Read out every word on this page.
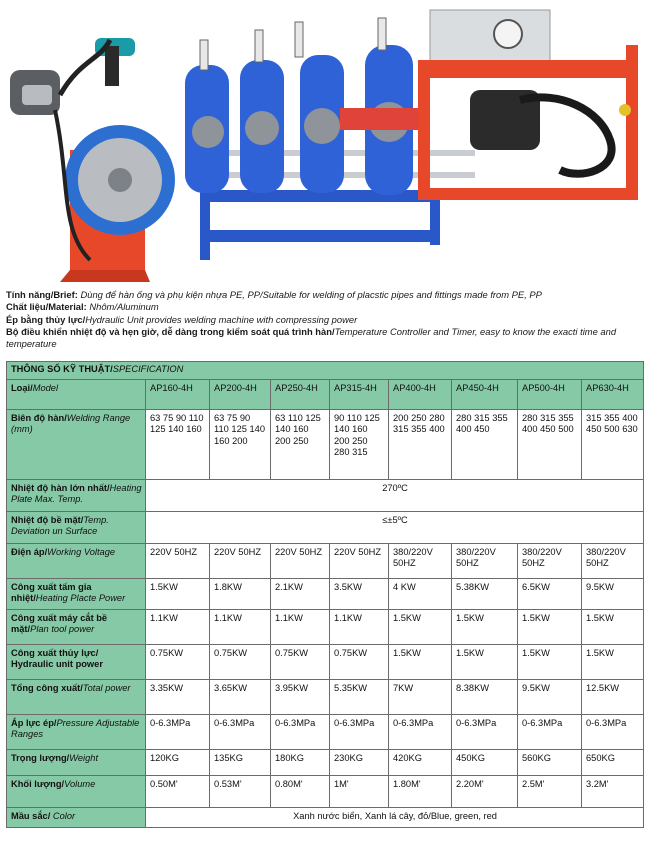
Tính năng/Brief: Dùng để hàn ống và phụ kiện nhựa PE, PP/Suitable for welding of placstic pipes and fittings made from PE, PP
Chất liệu/Material: Nhôm/Aluminum
Ép bằng thủy lực/Hydraulic Unit provides welding machine with compressing power
Bộ điều khiển nhiệt độ và hẹn giờ, dễ dàng trong kiểm soát quá trình hàn/Temperature Controller and Timer, easy to know the exacti time and temperature
THÔNG SỐ KỸ THUẬT/SPECIFICATION								
Loại/Model	AP160-4H	AP200-4H	AP250-4H	AP315-4H	AP400-4H	AP450-4H	AP500-4H	AP630-4H
Biên độ hàn/Welding Range (mm)	63 75 90 110 125 140 160	63 75 90 110 125 140 160 200	63 110 125 140 160 200 250	90 110 125 140 160 200 250 280 315	200 250 280 315 355 400	280 315 355 400 450	280 315 355 400 450 500	315 355 400 450 500 630
Nhiệt độ hàn lớn nhất/Heating Plate Max. Temp.	270ºC							
Nhiệt độ bề mặt/Temp. Deviation un Surface	≤±5ºC							
Điện áp/Working Voltage	220V 50HZ	220V 50HZ	220V 50HZ	220V 50HZ	380/220V 50HZ	380/220V 50HZ	380/220V 50HZ	380/220V 50HZ
Công xuất tấm gia nhiệt/Heating Placte Power	1.5KW	1.8KW	2.1KW	3.5KW	4 KW	5.38KW	6.5KW	9.5KW
Công xuất máy cắt bề mặt/Plan tool power	1.1KW	1.1KW	1.1KW	1.1KW	1.5KW	1.5KW	1.5KW	1.5KW
Công xuất thủy lực/ Hydraulic unit power	0.75KW	0.75KW	0.75KW	0.75KW	1.5KW	1.5KW	1.5KW	1.5KW
Tổng công xuất/Total power	3.35KW	3.65KW	3.95KW	5.35KW	7KW	8.38KW	9.5KW	12.5KW
Áp lực ép/Pressure Adjustable Ranges	0-6.3MPa	0-6.3MPa	0-6.3MPa	0-6.3MPa	0-6.3MPa	0-6.3MPa	0-6.3MPa	0-6.3MPa
Trọng lượng/Weight	120KG	135KG	180KG	230KG	420KG	450KG	560KG	650KG
Khối lượng/Volume	0.50M'	0.53M'	0.80M'	1M'	1.80M'	2.20M'	2.5M'	3.2M'
Mầu sắc/ Color	Xanh nước biển, Xanh lá cây, đỏ/Blue, green, red							
